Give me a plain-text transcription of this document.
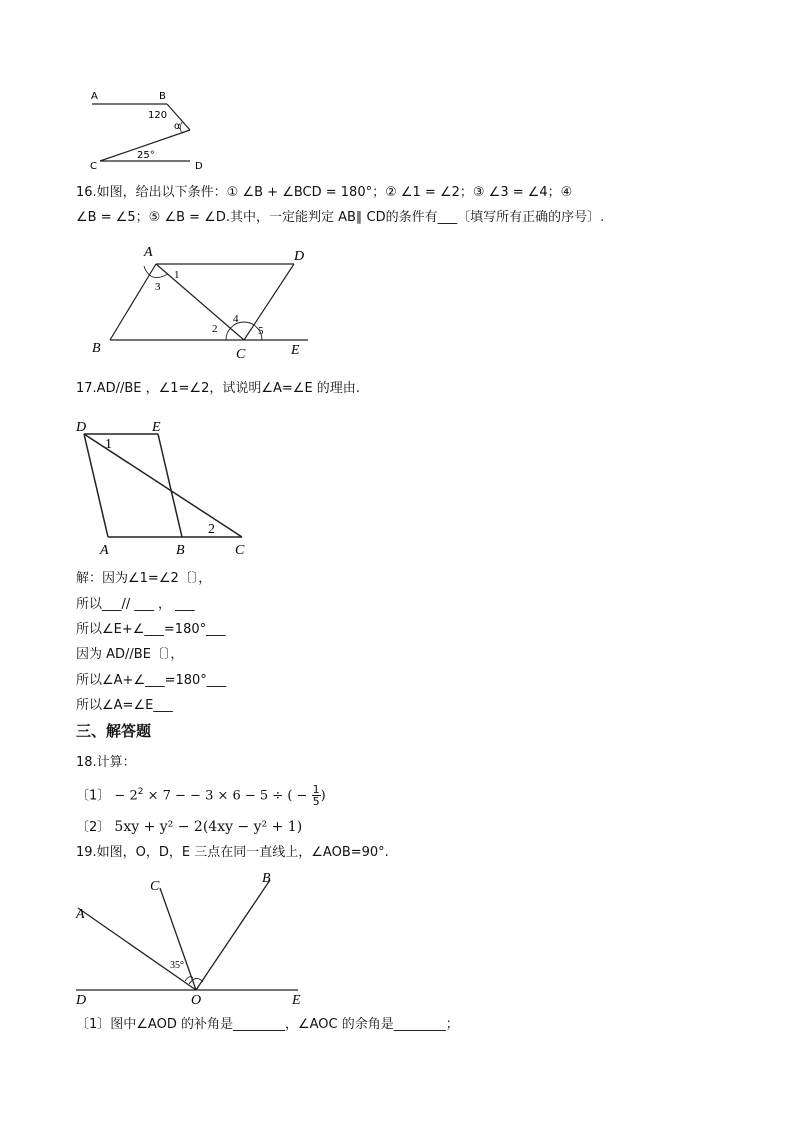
A	B
120
α
25°
C	D
16.如图，给出以下条件：① ∠B + ∠BCD = 180°；② ∠1 = ∠2；③ ∠3 = ∠4；④
∠B = ∠5；⑤ ∠B = ∠D.其中，一定能判定 AB∥ CD的条件有___〔填写所有正确的序号〕.
A	D
B	C	E
1
3
2
4
5
17.AD//BE ，∠1=∠2，试说明∠A=∠E 的理由.
D	E
1
2
A	B	C
解：因为∠1=∠2〔〕，
所以___// ___ ， ___
所以∠E+∠___=180°___
因为 AD//BE〔〕，
所以∠A+∠___=180°___
所以∠A=∠E___
三、解答题
18.计算：
〔1〕 − $2^2 \times 7$ − − 3 × 6 − 5 ÷ ( − $\frac{1}{5}$ )
〔2〕 5xy + y² − 2(4xy − y² + 1)
19.如图，O，D，E 三点在同一直线上，∠AOB=90°.
A
C
B
35°
D	O	E
〔1〕图中∠AOD 的补角是________，∠AOC 的余角是________；
